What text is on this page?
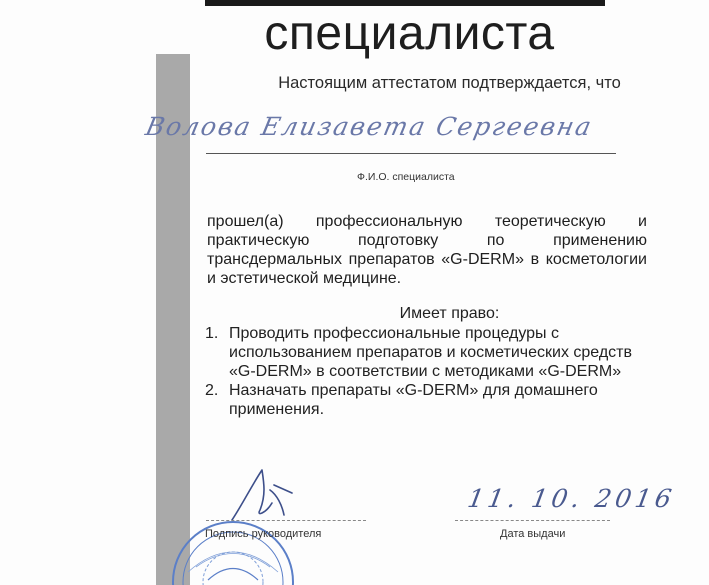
специалиста
Настоящим аттестатом подтверждается, что
Волова Елизавета Сергеевна
Ф.И.О. специалиста
прошел(а) профессиональную теоретическую и практическую подготовку по применению трансдермальных препаратов «G-DERM» в косметологии и эстетической медицине.
Имеет право:
1. Проводить профессиональные процедуры с использованием препаратов и косметических средств «G-DERM» в соответствии с методиками «G-DERM»
2. Назначать препараты «G-DERM» для домашнего применения.
11. 10. 2016
Подпись руководителя	Дата выдачи
